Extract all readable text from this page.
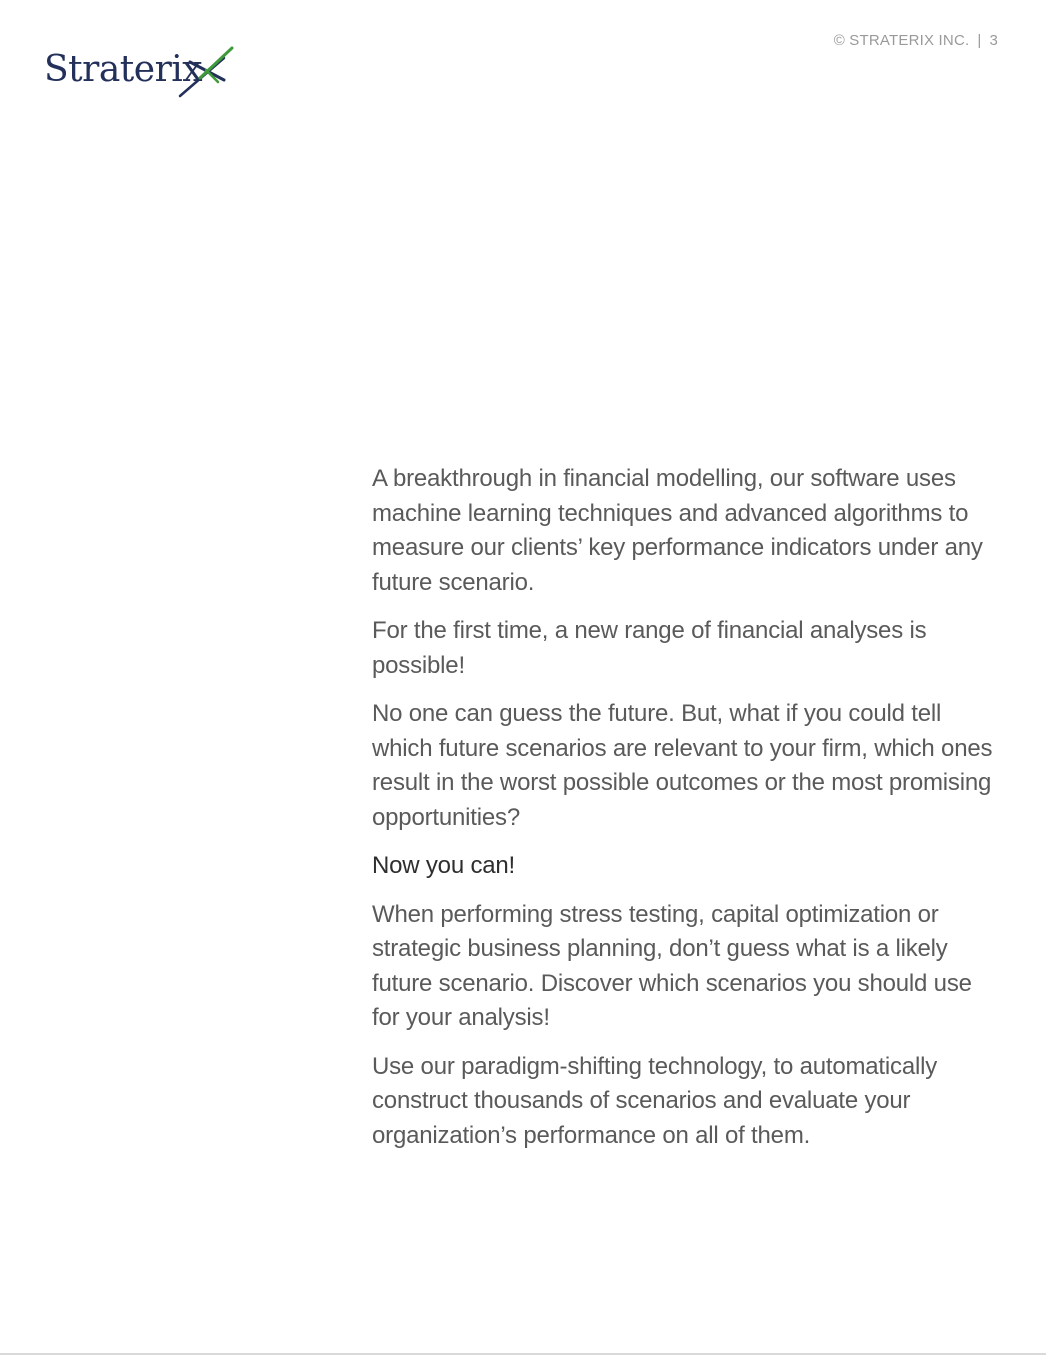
Straterix
© STRATERIX INC. | 3

A breakthrough in financial modelling, our software uses machine learning techniques and advanced algorithms to measure our clients’ key performance indicators under any future scenario.

For the first time, a new range of financial analyses is possible!

No one can guess the future. But, what if you could tell which future scenarios are relevant to your firm, which ones result in the worst possible outcomes or the most promising opportunities?

Now you can!

When performing stress testing, capital optimization or strategic business planning, don’t guess what is a likely future scenario. Discover which scenarios you should use for your analysis!

Use our paradigm-shifting technology, to automatically construct thousands of scenarios and evaluate your organization’s performance on all of them.
